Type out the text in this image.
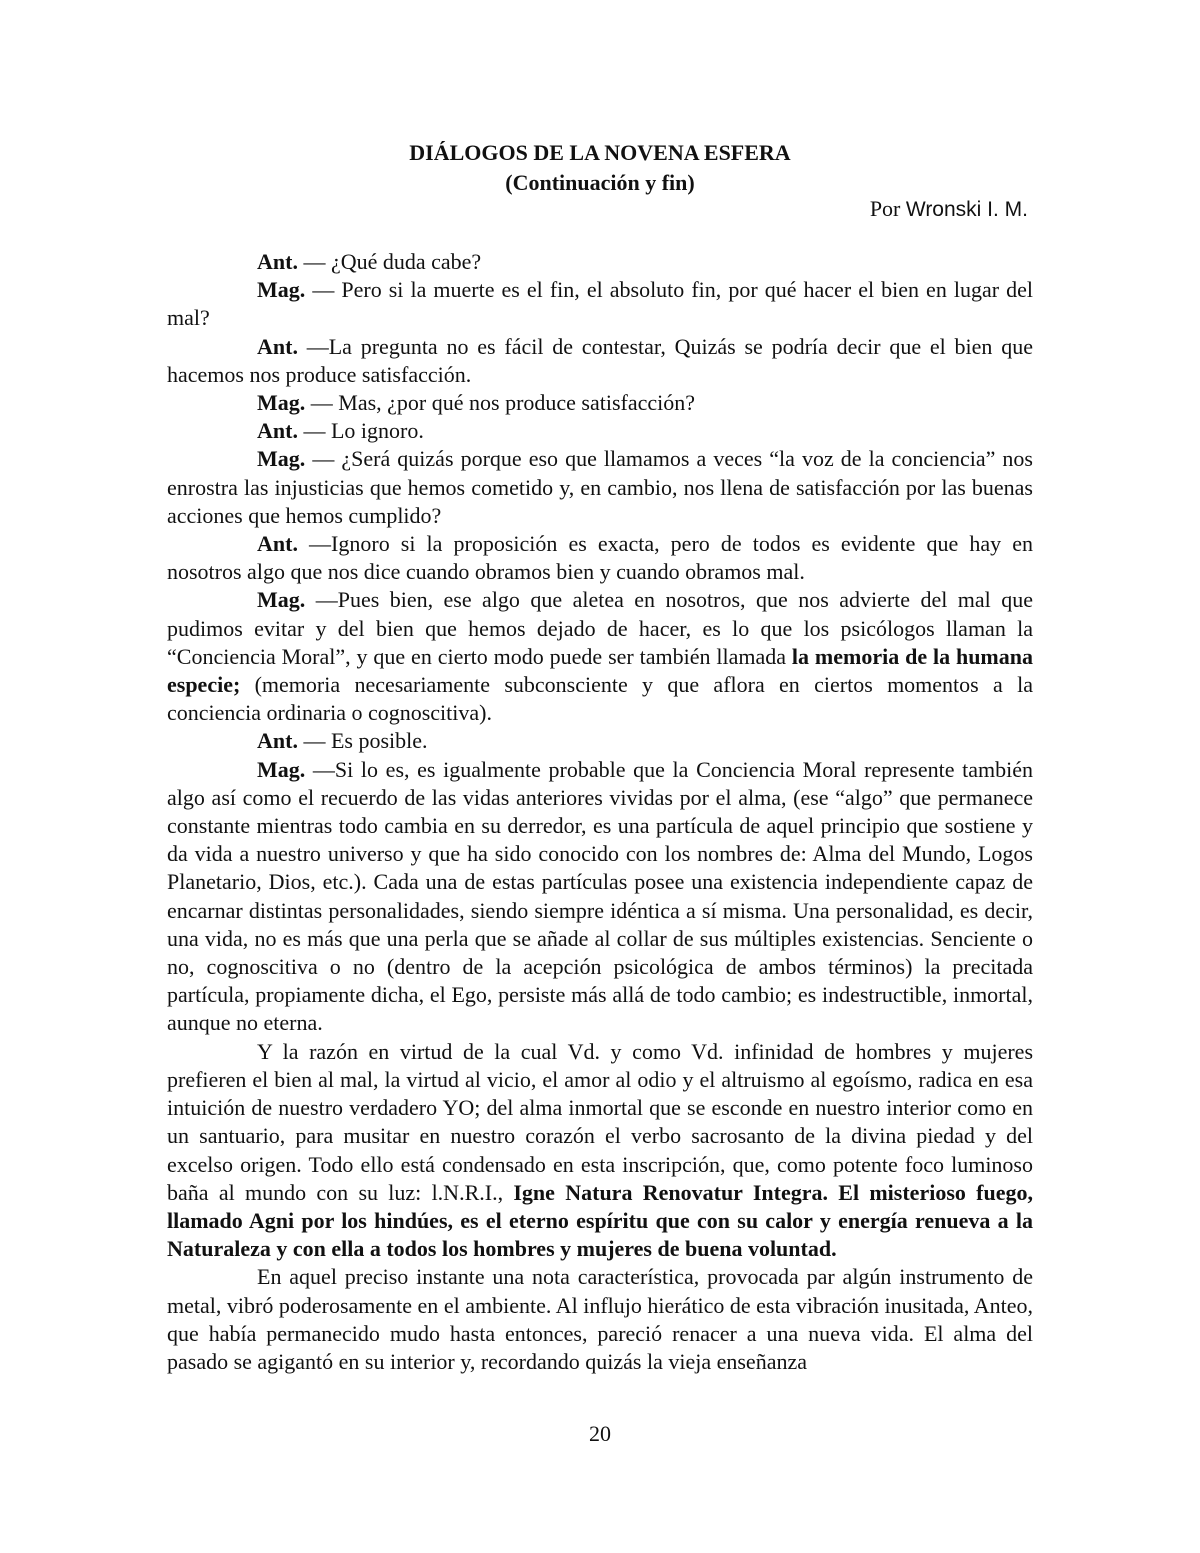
DIÁLOGOS DE LA NOVENA ESFERA
(Continuación y fin)
Por Wronski I. M.

Ant. — ¿Qué duda cabe?

Mag. — Pero si la muerte es el fin, el absoluto fin, por qué hacer el bien en lugar del mal?

Ant. —La pregunta no es fácil de contestar, Quizás se podría decir que el bien que hacemos nos produce satisfacción.

Mag. — Mas, ¿por qué nos produce satisfacción?

Ant. — Lo ignoro.

Mag. — ¿Será quizás porque eso que llamamos a veces “la voz de la conciencia” nos enrostra las injusticias que hemos cometido y, en cambio, nos llena de satisfacción por las buenas acciones que hemos cumplido?

Ant. —Ignoro si la proposición es exacta, pero de todos es evidente que hay en nosotros algo que nos dice cuando obramos bien y cuando obramos mal.

Mag. —Pues bien, ese algo que aletea en nosotros, que nos advierte del mal que pudimos evitar y del bien que hemos dejado de hacer, es lo que los psicólogos llaman la “Conciencia Moral”, y que en cierto modo puede ser también llamada la memoria de la humana especie; (memoria necesariamente subconsciente y que aflora en ciertos momentos a la conciencia ordinaria o cognoscitiva).

Ant. — Es posible.

Mag. —Si lo es, es igualmente probable que la Conciencia Moral represente también algo así como el recuerdo de las vidas anteriores vividas por el alma, (ese “algo” que permanece constante mientras todo cambia en su derredor, es una partícula de aquel principio que sostiene y da vida a nuestro universo y que ha sido conocido con los nombres de: Alma del Mundo, Logos Planetario, Dios, etc.). Cada una de estas partículas posee una existencia independiente capaz de encarnar distintas personalidades, siendo siempre idéntica a sí misma. Una personalidad, es decir, una vida, no es más que una perla que se añade al collar de sus múltiples existencias. Senciente o no, cognoscitiva o no (dentro de la acepción psicológica de ambos términos) la precitada partícula, propiamente dicha, el Ego, persiste más allá de todo cambio; es indestructible, inmortal, aunque no eterna.

Y la razón en virtud de la cual Vd. y como Vd. infinidad de hombres y mujeres prefieren el bien al mal, la virtud al vicio, el amor al odio y el altruismo al egoísmo, radica en esa intuición de nuestro verdadero YO; del alma inmortal que se esconde en nuestro interior como en un santuario, para musitar en nuestro corazón el verbo sacrosanto de la divina piedad y del excelso origen. Todo ello está condensado en esta inscripción, que, como potente foco luminoso baña al mundo con su luz: l.N.R.I., Igne Natura Renovatur Integra. El misterioso fuego, llamado Agni por los hindúes, es el eterno espíritu que con su calor y energía renueva a la Naturaleza y con ella a todos los hombres y mujeres de buena voluntad.

En aquel preciso instante una nota característica, provocada par algún instrumento de metal, vibró poderosamente en el ambiente. Al influjo hierático de esta vibración inusitada, Anteo, que había permanecido mudo hasta entonces, pareció renacer a una nueva vida. El alma del pasado se agigantó en su interior y, recordando quizás la vieja enseñanza

20
